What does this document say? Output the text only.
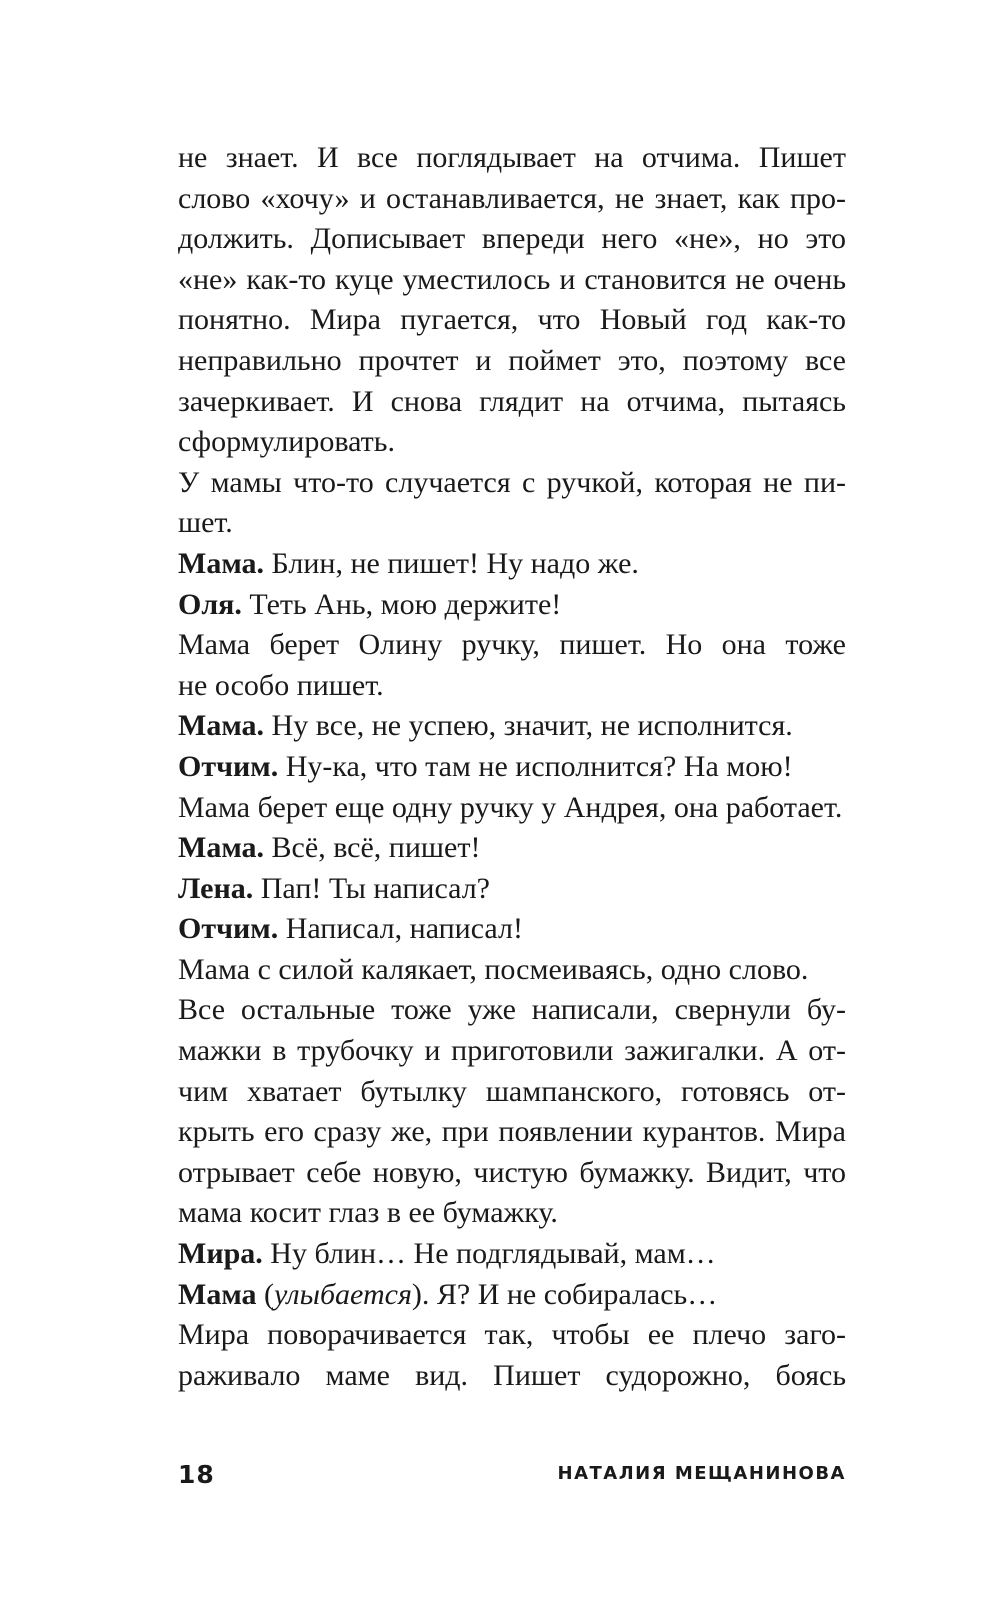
не знает. И все поглядывает на отчима. Пишет
слово «хочу» и останавливается, не знает, как про-
должить. Дописывает впереди него «не», но это
«не» как-то куце уместилось и становится не очень
понятно. Мира пугается, что Новый год как-то
неправильно прочтет и поймет это, поэтому все
зачеркивает. И снова глядит на отчима, пытаясь
сформулировать.
У мамы что-то случается с ручкой, которая не пи-
шет.
Мама. Блин, не пишет! Ну надо же.
Оля. Теть Ань, мою держите!
Мама берет Олину ручку, пишет. Но она тоже
не особо пишет.
Мама. Ну все, не успею, значит, не исполнится.
Отчим. Ну-ка, что там не исполнится? На мою!
Мама берет еще одну ручку у Андрея, она работает.
Мама. Всё, всё, пишет!
Лена. Пап! Ты написал?
Отчим. Написал, написал!
Мама с силой калякает, посмеиваясь, одно слово.
Все остальные тоже уже написали, свернули бу-
мажки в трубочку и приготовили зажигалки. А от-
чим хватает бутылку шампанского, готовясь от-
крыть его сразу же, при появлении курантов. Мира
отрывает себе новую, чистую бумажку. Видит, что
мама косит глаз в ее бумажку.
Мира. Ну блин… Не подглядывай, мам…
Мама (улыбается). Я? И не собиралась…
Мира поворачивается так, чтобы ее плечо заго-
раживало маме вид. Пишет судорожно, боясь
18	НАТАЛИЯ МЕЩАНИНОВА
